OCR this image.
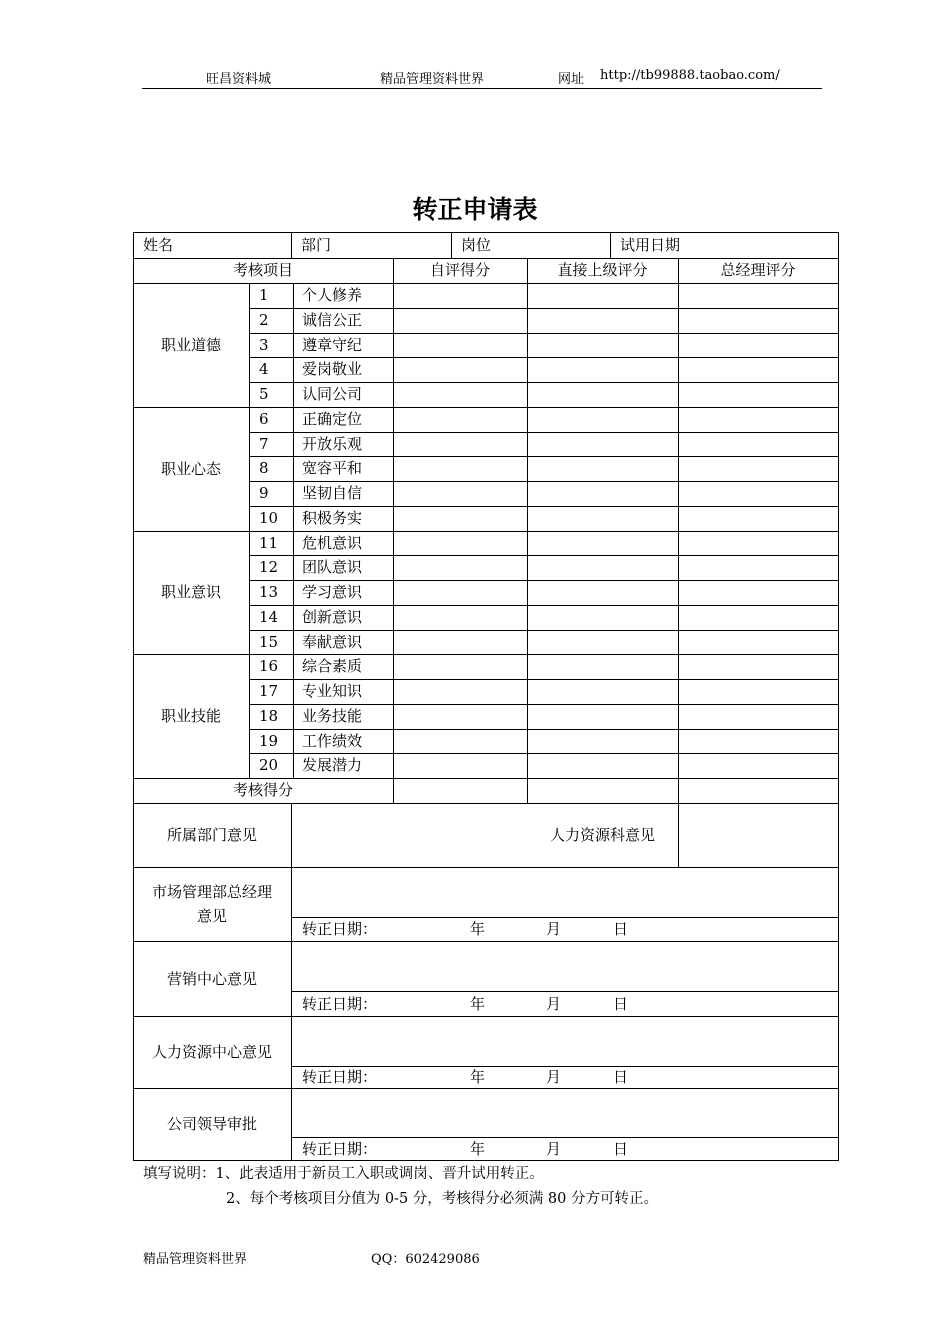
旺昌资料城	精品管理资料世界	网址 http://tb99888.taobao.com/
转正申请表
姓名	部门	岗位	试用日期
考核项目	自评得分	直接上级评分	总经理评分
职业道德
1	个人修养
2	诚信公正
3	遵章守纪
4	爱岗敬业
5	认同公司
职业心态
6	正确定位
7	开放乐观
8	宽容平和
9	坚韧自信
10	积极务实
职业意识
11	危机意识
12	团队意识
13	学习意识
14	创新意识
15	奉献意识
职业技能
16	综合素质
17	专业知识
18	业务技能
19	工作绩效
20	发展潜力
考核得分
所属部门意见	人力资源科意见
市场管理部总经理意见
转正日期：	年	月	日
营销中心意见
转正日期：	年	月	日
人力资源中心意见
转正日期：	年	月	日
公司领导审批
转正日期：	年	月	日
填写说明：1、此表适用于新员工入职或调岗、晋升试用转正。
2、每个考核项目分值为 0-5 分，考核得分必须满 80 分方可转正。
精品管理资料世界	QQ：602429086
